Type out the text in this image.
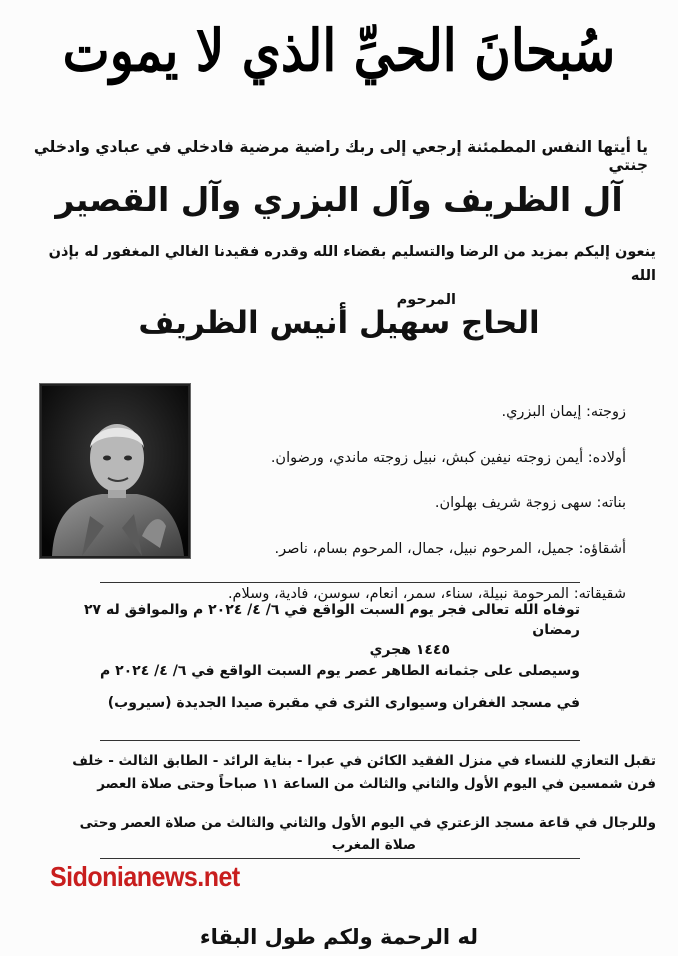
سُبحانَ الحيِّ الذي لا يموت
يا أيتها النفس المطمئنة إرجعي إلى ربك راضية مرضية فادخلي في عبادي وادخلي جنتي
آل الظريف وآل البزري وآل القصير
ينعون إليكم بمزيد من الرضا والتسليم بقضاء الله وقدره فقيدنا الغالي المغفور له بإذن الله
المرحوم
الحاج سهيل أنيس الظريف
زوجته: إيمان البزري.
أولاده: أيمن زوجته نيفين كبش، نبيل زوجته ماندي، ورضوان.
بناته: سهى زوجة شريف بهلوان.
أشقاؤه: جميل، المرحوم نبيل، جمال، المرحوم بسام، ناصر.
شقيقاته: المرحومة نبيلة، سناء، سمر، انعام، سوسن، فادية، وسلام.
توفاه الله تعالى فجر يوم السبت الواقع في ٦/ ٤/ ٢٠٢٤ م والموافق له ٢٧ رمضان
١٤٤٥ هجري
وسيصلى على جثمانه الطاهر عصر يوم السبت الواقع في ٦/ ٤/ ٢٠٢٤ م
في مسجد الغفران وسيوارى الثرى في مقبرة صيدا الجديدة (سيروب)
تقبل التعازي للنساء في منزل الفقيد الكائن في عبرا - بناية الرائد - الطابق الثالث - خلف
فرن شمسين في اليوم الأول والثاني والثالث من الساعة ١١ صباحاً وحتى صلاة العصر
وللرجال في قاعة مسجد الزعتري في اليوم الأول والثاني والثالث من صلاة العصر وحتى
صلاة المغرب
Sidonianews.net
له الرحمة ولكم طول البقاء
